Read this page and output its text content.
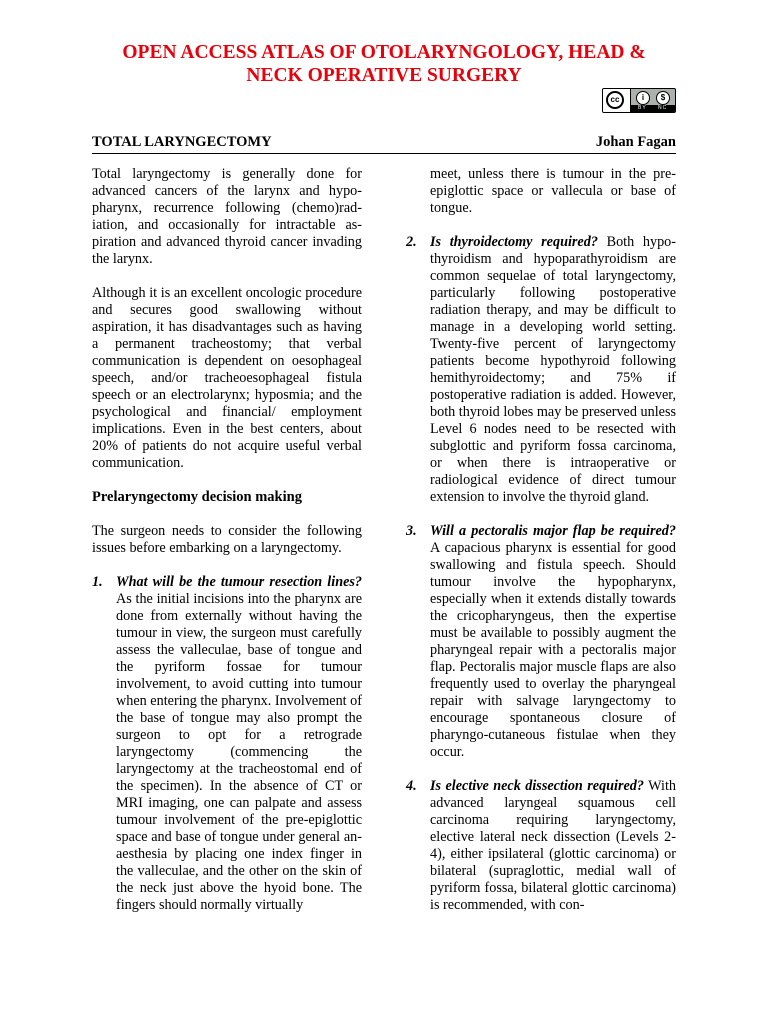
OPEN ACCESS ATLAS OF OTOLARYNGOLOGY, HEAD &
NECK OPERATIVE SURGERY
cc	i	$
BY NC
TOTAL LARYNGECTOMY	Johan Fagan

Total laryngectomy is generally done for advanced cancers of the larynx and hypopharynx, recurrence following (chemo)radiation, and occasionally for intractable aspiration and advanced thyroid cancer invading the larynx.

Although it is an excellent oncologic procedure and secures good swallowing without aspiration, it has disadvantages such as having a permanent tracheostomy; that verbal communication is dependent on oesophageal speech, and/or tracheoesophageal fistula speech or an electrolarynx; hyposmia; and the psychological and financial/ employment implications. Even in the best centers, about 20% of patients do not acquire useful verbal communication.

Prelaryngectomy decision making

The surgeon needs to consider the following issues before embarking on a laryngectomy.

1. What will be the tumour resection lines? As the initial incisions into the pharynx are done from externally without having the tumour in view, the surgeon must carefully assess the valleculae, base of tongue and the pyriform fossae for tumour involvement, to avoid cutting into tumour when entering the pharynx. Involvement of the base of tongue may also prompt the surgeon to opt for a retrograde laryngectomy (commencing the laryngectomy at the tracheostomal end of the specimen). In the absence of CT or MRI imaging, one can palpate and assess tumour involvement of the pre-epiglottic space and base of tongue under general anaesthesia by placing one index finger in the valleculae, and the other on the skin of the neck just above the hyoid bone. The fingers should normally virtually

meet, unless there is tumour in the pre-epiglottic space or vallecula or base of tongue.

2. Is thyroidectomy required? Both hypothyroidism and hypoparathyroidism are common sequelae of total laryngectomy, particularly following postoperative radiation therapy, and may be difficult to manage in a developing world setting. Twenty-five percent of laryngectomy patients become hypothyroid following hemithyroidectomy; and 75% if postoperative radiation is added. However, both thyroid lobes may be preserved unless Level 6 nodes need to be resected with subglottic and pyriform fossa carcinoma, or when there is intraoperative or radiological evidence of direct tumour extension to involve the thyroid gland.

3. Will a pectoralis major flap be required? A capacious pharynx is essential for good swallowing and fistula speech. Should tumour involve the hypopharynx, especially when it extends distally towards the cricopharyngeus, then the expertise must be available to possibly augment the pharyngeal repair with a pectoralis major flap. Pectoralis major muscle flaps are also frequently used to overlay the pharyngeal repair with salvage laryngectomy to encourage spontaneous closure of pharyngo-cutaneous fistulae when they occur.

4. Is elective neck dissection required? With advanced laryngeal squamous cell carcinoma requiring laryngectomy, elective lateral neck dissection (Levels 2-4), either ipsilateral (glottic carcinoma) or bilateral (supraglottic, medial wall of pyriform fossa, bilateral glottic carcinoma) is recommended, with con-
